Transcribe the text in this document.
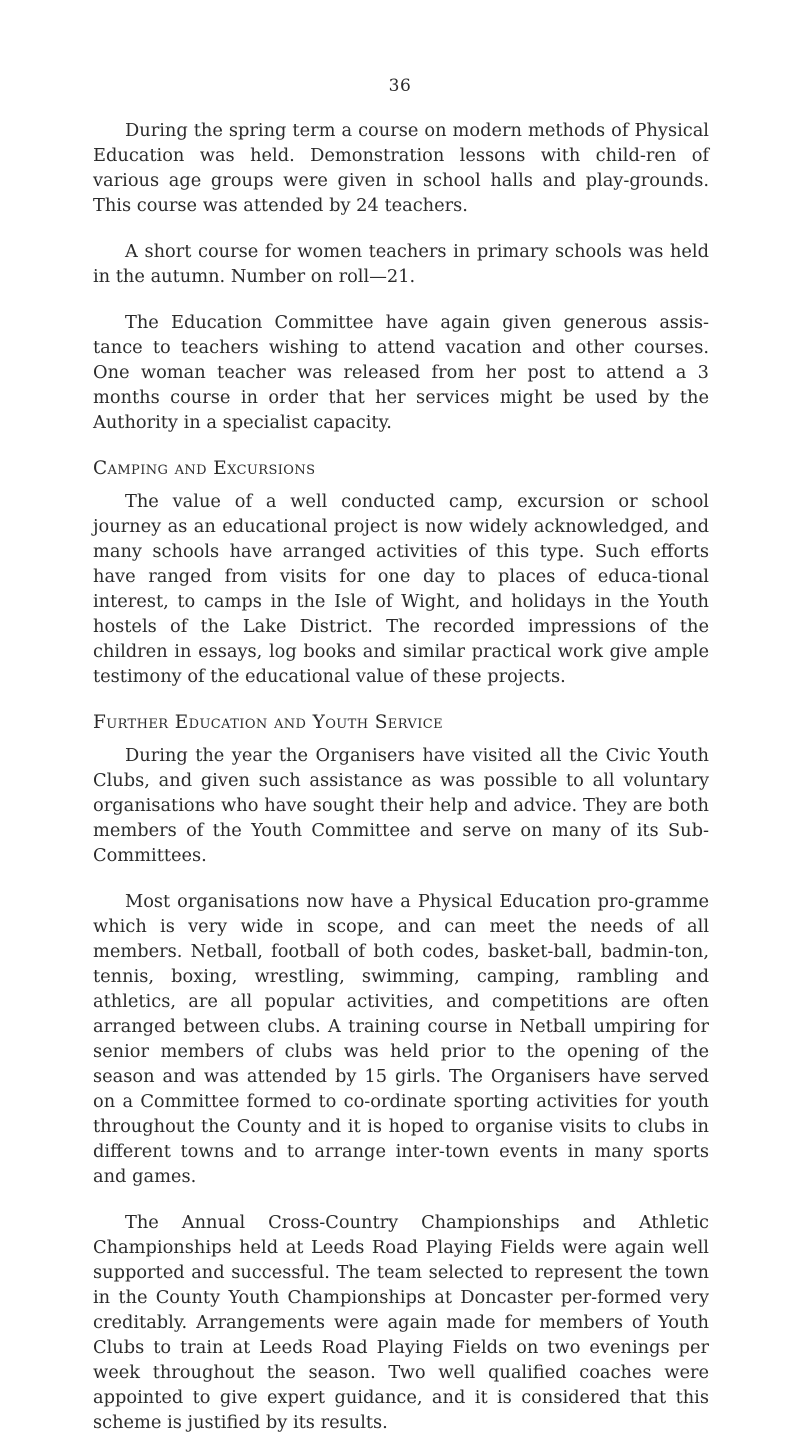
36

During the spring term a course on modern methods of Physical Education was held. Demonstration lessons with child-ren of various age groups were given in school halls and play-grounds. This course was attended by 24 teachers.

A short course for women teachers in primary schools was held in the autumn. Number on roll—21.

The Education Committee have again given generous assis-tance to teachers wishing to attend vacation and other courses. One woman teacher was released from her post to attend a 3 months course in order that her services might be used by the Authority in a specialist capacity.

Camping and Excursions

The value of a well conducted camp, excursion or school journey as an educational project is now widely acknowledged, and many schools have arranged activities of this type. Such efforts have ranged from visits for one day to places of educa-tional interest, to camps in the Isle of Wight, and holidays in the Youth hostels of the Lake District. The recorded impressions of the children in essays, log books and similar practical work give ample testimony of the educational value of these projects.

Further Education and Youth Service

During the year the Organisers have visited all the Civic Youth Clubs, and given such assistance as was possible to all voluntary organisations who have sought their help and advice. They are both members of the Youth Committee and serve on many of its Sub-Committees.

Most organisations now have a Physical Education pro-gramme which is very wide in scope, and can meet the needs of all members. Netball, football of both codes, basket-ball, badmin-ton, tennis, boxing, wrestling, swimming, camping, rambling and athletics, are all popular activities, and competitions are often arranged between clubs. A training course in Netball umpiring for senior members of clubs was held prior to the opening of the season and was attended by 15 girls. The Organisers have served on a Committee formed to co-ordinate sporting activities for youth throughout the County and it is hoped to organise visits to clubs in different towns and to arrange inter-town events in many sports and games.

The Annual Cross-Country Championships and Athletic Championships held at Leeds Road Playing Fields were again well supported and successful. The team selected to represent the town in the County Youth Championships at Doncaster per-formed very creditably. Arrangements were again made for members of Youth Clubs to train at Leeds Road Playing Fields on two evenings per week throughout the season. Two well qualified coaches were appointed to give expert guidance, and it is considered that this scheme is justified by its results.
